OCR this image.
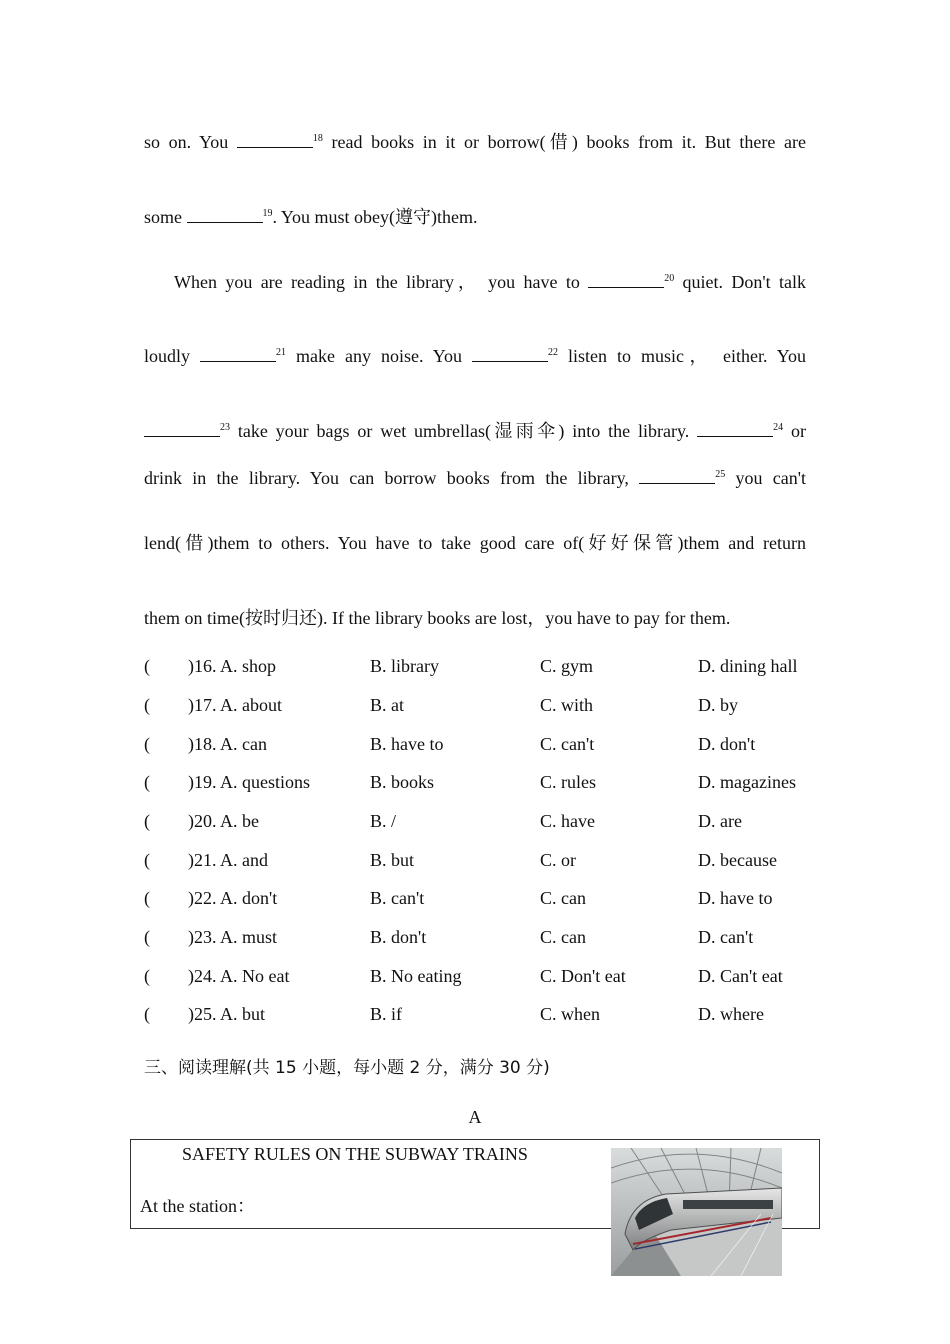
so on. You	$^{18}$ read books in it or borrow(借) books from it. But there are
some	$^{19}$. You must obey(遵守)them.
When you are reading in the library， you have to	$^{20}$ quiet. Don't talk
loudly	$^{21}$ make any noise. You	$^{22}$ listen to music， either. You
$^{23}$ take your bags or wet umbrellas(湿雨伞) into the library.	$^{24}$ or
drink in the library. You can borrow books from the library,	$^{25}$ you can't
lend(借)them to others. You have to take good care of(好好保管)them and return
them on time(按时归还). If the library books are lost，you have to pay for them.
( )16. A. shop	B. library	C. gym	D. dining hall
( )17. A. about	B. at	C. with	D. by
( )18. A. can	B. have to	C. can't	D. don't
( )19. A. questions	B. books	C. rules	D. magazines
( )20. A. be	B. /	C. have	D. are
( )21. A. and	B. but	C. or	D. because
( )22. A. don't	B. can't	C. can	D. have to
( )23. A. must	B. don't	C. can	D. can't
( )24. A. No eat	B. No eating	C. Don't eat	D. Can't eat
( )25. A. but	B. if	C. when	D. where
三、阅读理解(共 15 小题，每小题 2 分，满分 30 分)
A
SAFETY RULES ON THE SUBWAY TRAINS
At the station：
